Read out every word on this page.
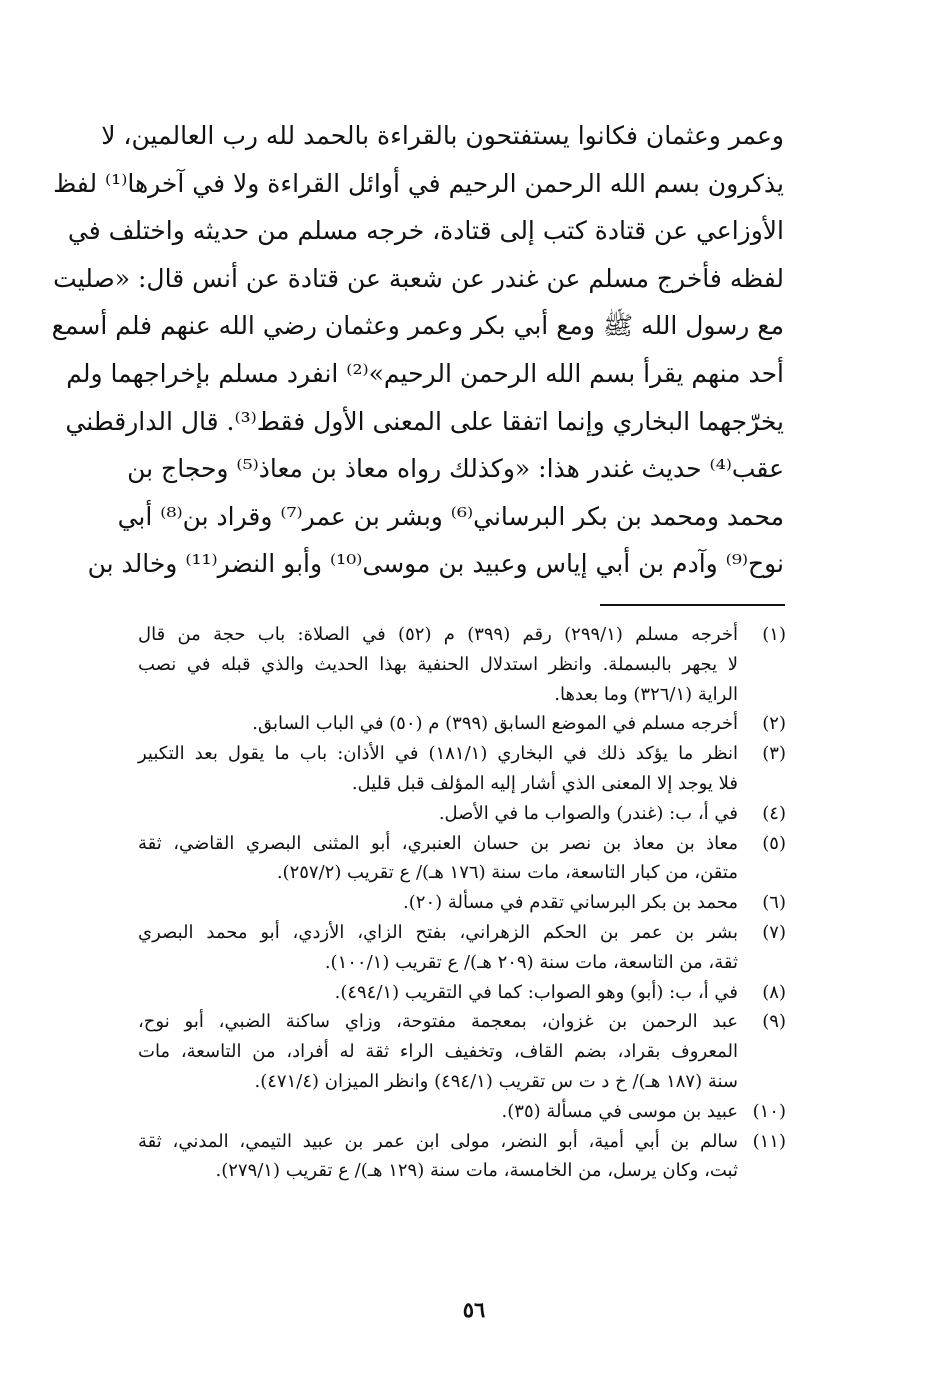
وعمر وعثمان فكانوا يستفتحون بالقراءة بالحمد لله رب العالمين، لا
يذكرون بسم الله الرحمن الرحيم في أوائل القراءة ولا في آخرها⁽¹⁾ لفظ
الأوزاعي عن قتادة كتب إلى قتادة، خرجه مسلم من حديثه واختلف في
لفظه فأخرج مسلم عن غندر عن شعبة عن قتادة عن أنس قال: «صليت
مع رسول الله ﷺ ومع أبي بكر وعمر وعثمان رضي الله عنهم فلم أسمع
أحد منهم يقرأ بسم الله الرحمن الرحيم»⁽²⁾ انفرد مسلم بإخراجهما ولم
يخرّجهما البخاري وإنما اتفقا على المعنى الأول فقط⁽³⁾. قال الدارقطني
عقب⁽⁴⁾ حديث غندر هذا: «وكذلك رواه معاذ بن معاذ⁽⁵⁾ وحجاج بن
محمد ومحمد بن بكر البرساني⁽⁶⁾ وبشر بن عمر⁽⁷⁾ وقراد بن⁽⁸⁾ أبي
نوح⁽⁹⁾ وآدم بن أبي إياس وعبيد بن موسى⁽¹⁰⁾ وأبو النضر⁽¹¹⁾ وخالد بن
(١)
أخرجه مسلم (٢٩٩/١) رقم (٣٩٩) م (٥٢) في الصلاة: باب حجة من قال
لا يجهر بالبسملة. وانظر استدلال الحنفية بهذا الحديث والذي قبله في نصب
الراية (٣٢٦/١) وما بعدها.
(٢)
أخرجه مسلم في الموضع السابق (٣٩٩) م (٥٠) في الباب السابق.
(٣)
انظر ما يؤكد ذلك في البخاري (١٨١/١) في الأذان: باب ما يقول بعد التكبير
فلا يوجد إلا المعنى الذي أشار إليه المؤلف قبل قليل.
(٤)
في أ، ب: (غندر) والصواب ما في الأصل.
(٥)
معاذ بن معاذ بن نصر بن حسان العنبري، أبو المثنى البصري القاضي، ثقة
متقن، من كبار التاسعة، مات سنة (١٧٦ هـ)/ ع تقريب (٢٥٧/٢).
(٦)
محمد بن بكر البرساني تقدم في مسألة (٢٠).
(٧)
بشر بن عمر بن الحكم الزهراني، بفتح الزاي، الأزدي، أبو محمد البصري
ثقة، من التاسعة، مات سنة (٢٠٩ هـ)/ ع تقريب (١٠٠/١).
(٨)
في أ، ب: (أبو) وهو الصواب: كما في التقريب (٤٩٤/١).
(٩)
عبد الرحمن بن غزوان، بمعجمة مفتوحة، وزاي ساكنة الضبي، أبو نوح،
المعروف بقراد، بضم القاف، وتخفيف الراء ثقة له أفراد، من التاسعة، مات
سنة (١٨٧ هـ)/ خ د ت س تقريب (٤٩٤/١) وانظر الميزان (٤٧١/٤).
(١٠)
عبيد بن موسى في مسألة (٣٥).
(١١)
سالم بن أبي أمية، أبو النضر، مولى ابن عمر بن عبيد التيمي، المدني، ثقة
ثبت، وكان يرسل، من الخامسة، مات سنة (١٢٩ هـ)/ ع تقريب (٢٧٩/١).
٥٦
